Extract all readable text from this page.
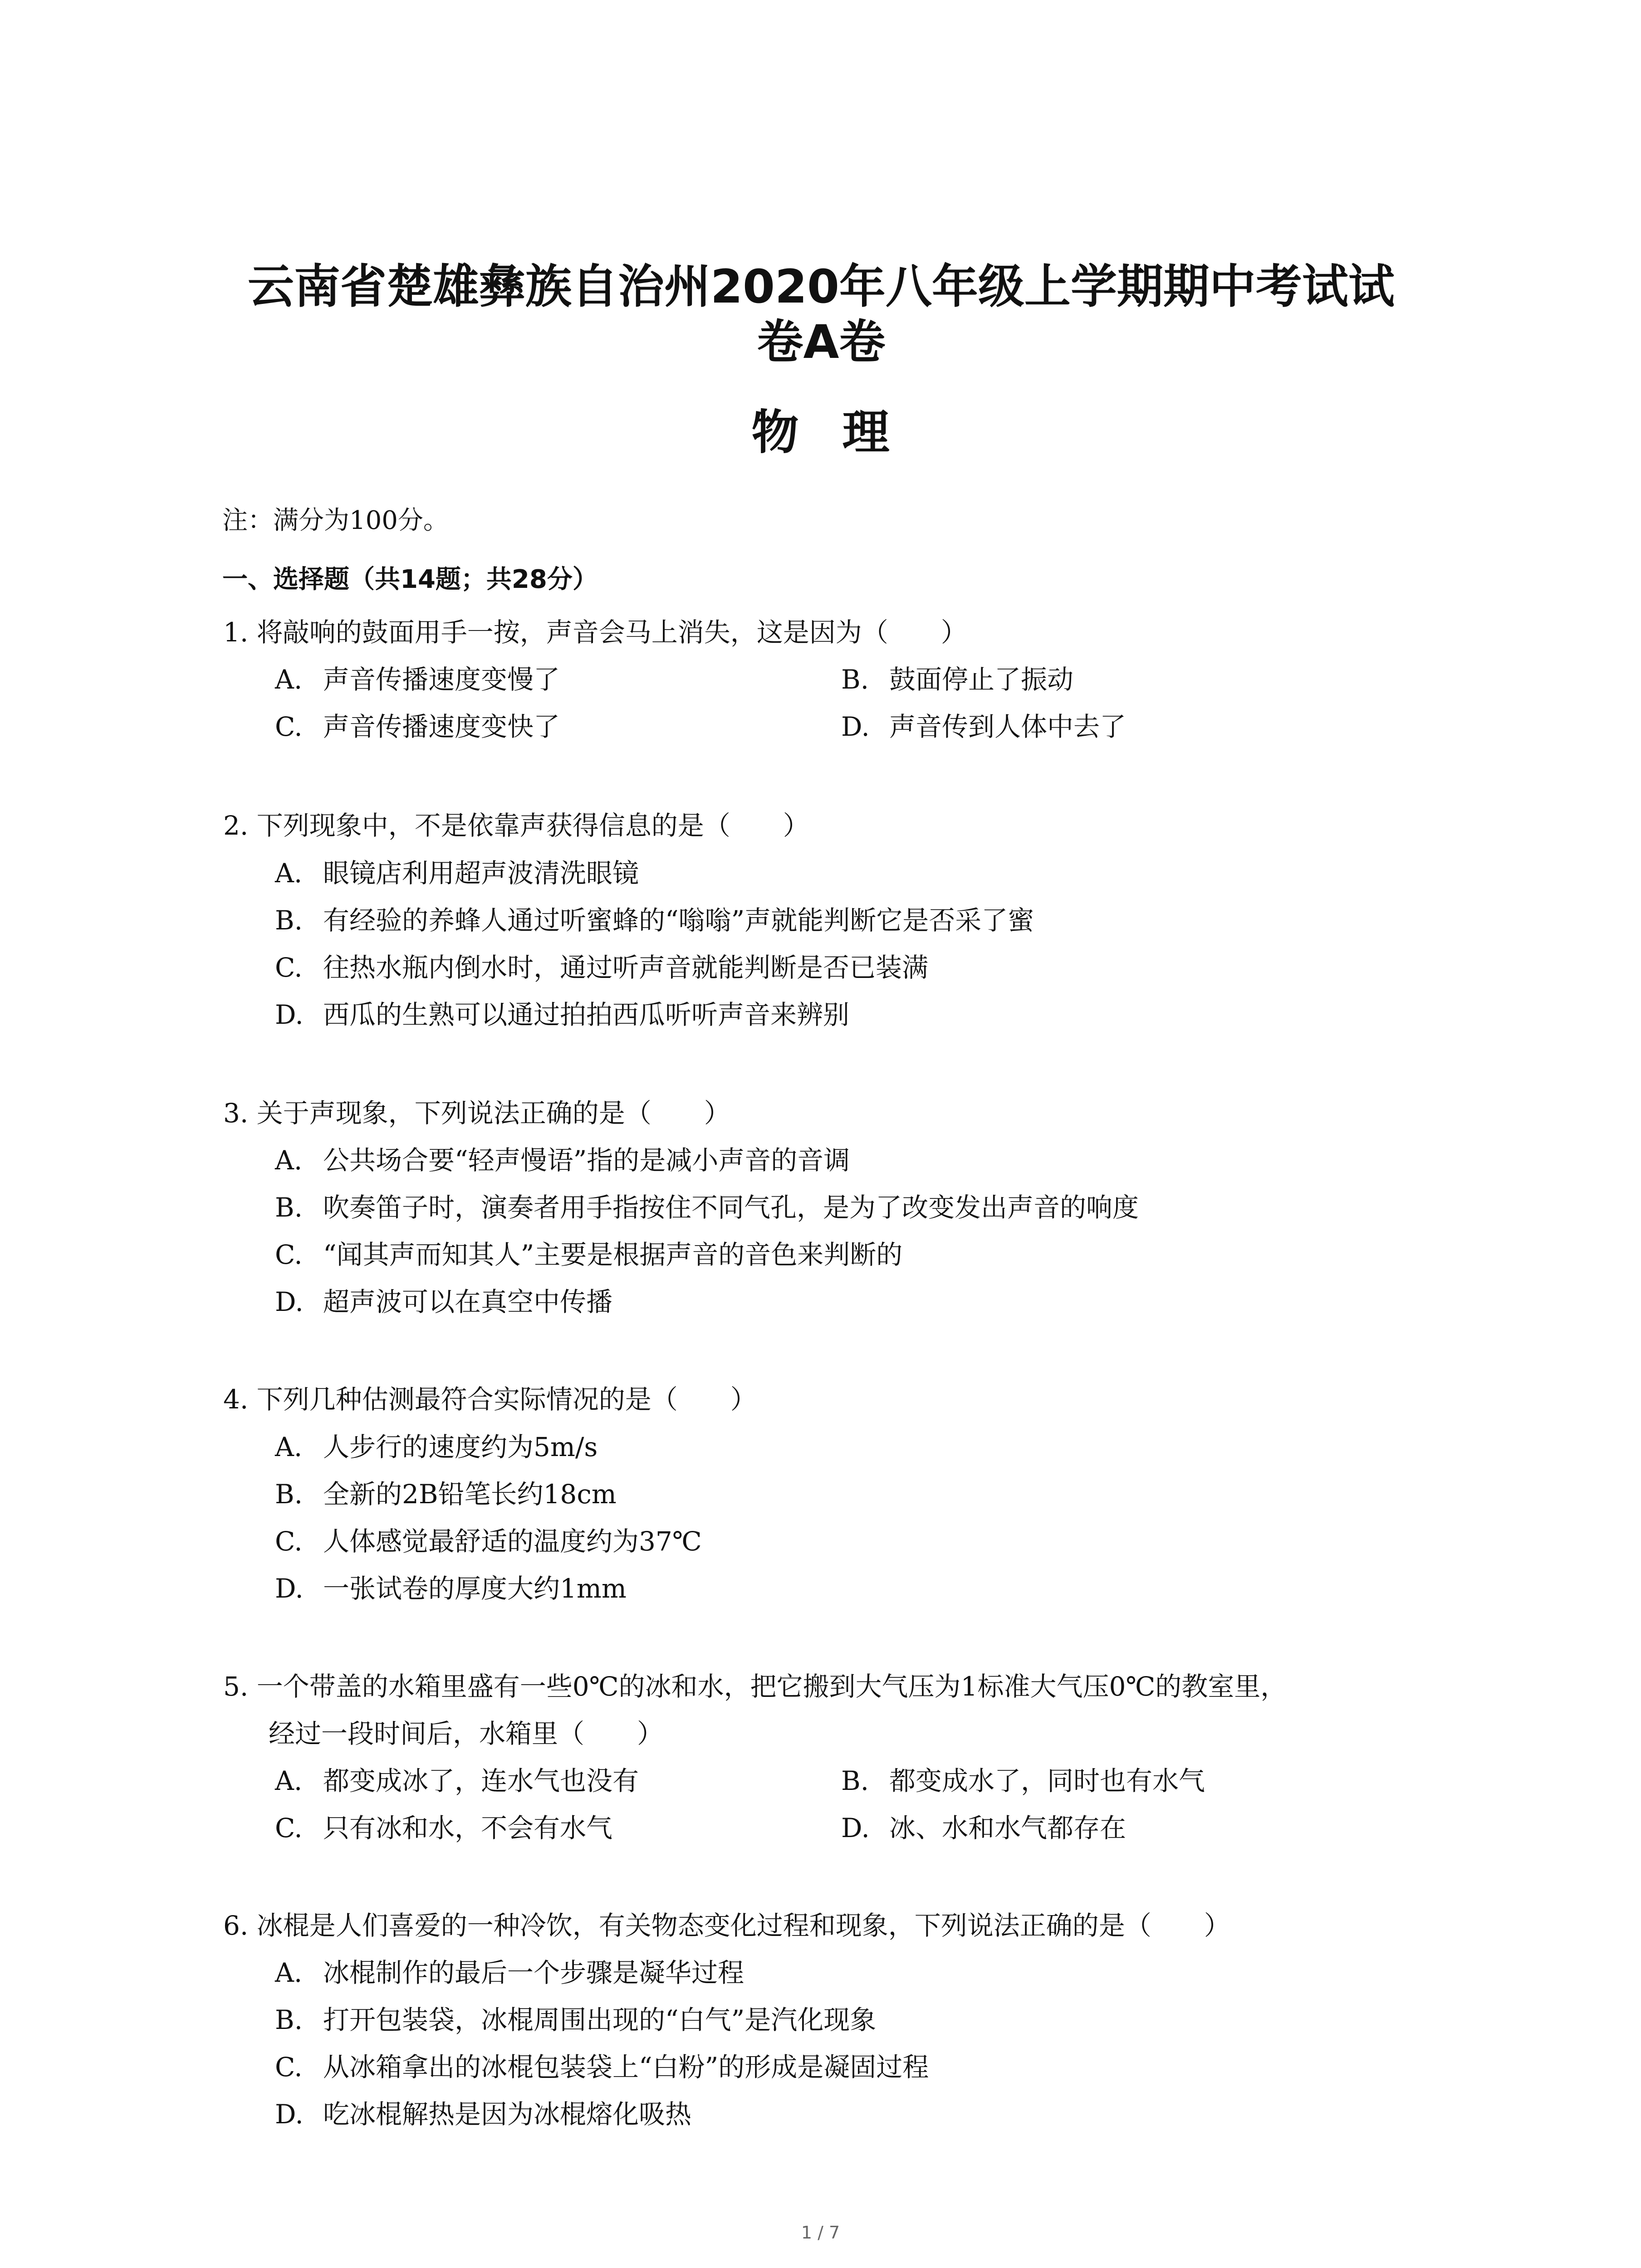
云南省楚雄彝族自治州2020年八年级上学期期中考试试
卷A卷
物理
注：满分为100分。
一、选择题（共14题；共28分）
1. 将敲响的鼓面用手一按，声音会马上消失，这是因为（　　）
A. 声音传播速度变慢了	B. 鼓面停止了振动
C. 声音传播速度变快了	D. 声音传到人体中去了
2. 下列现象中，不是依靠声获得信息的是（　　）
A. 眼镜店利用超声波清洗眼镜
B. 有经验的养蜂人通过听蜜蜂的“嗡嗡”声就能判断它是否采了蜜
C. 往热水瓶内倒水时，通过听声音就能判断是否已装满
D. 西瓜的生熟可以通过拍拍西瓜听听声音来辨别
3. 关于声现象，下列说法正确的是（　　）
A. 公共场合要“轻声慢语”指的是减小声音的音调
B. 吹奏笛子时，演奏者用手指按住不同气孔，是为了改变发出声音的响度
C. “闻其声而知其人”主要是根据声音的音色来判断的
D. 超声波可以在真空中传播
4. 下列几种估测最符合实际情况的是（　　）
A. 人步行的速度约为5m/s
B. 全新的2B铅笔长约18cm
C. 人体感觉最舒适的温度约为37℃
D. 一张试卷的厚度大约1mm
5. 一个带盖的水箱里盛有一些0℃的冰和水，把它搬到大气压为1标准大气压0℃的教室里，
经过一段时间后，水箱里（　　）
A. 都变成冰了，连水气也没有	B. 都变成水了，同时也有水气
C. 只有冰和水，不会有水气	D. 冰、水和水气都存在
6. 冰棍是人们喜爱的一种冷饮，有关物态变化过程和现象，下列说法正确的是（　　）
A. 冰棍制作的最后一个步骤是凝华过程
B. 打开包装袋，冰棍周围出现的“白气”是汽化现象
C. 从冰箱拿出的冰棍包装袋上“白粉”的形成是凝固过程
D. 吃冰棍解热是因为冰棍熔化吸热
1 / 7
